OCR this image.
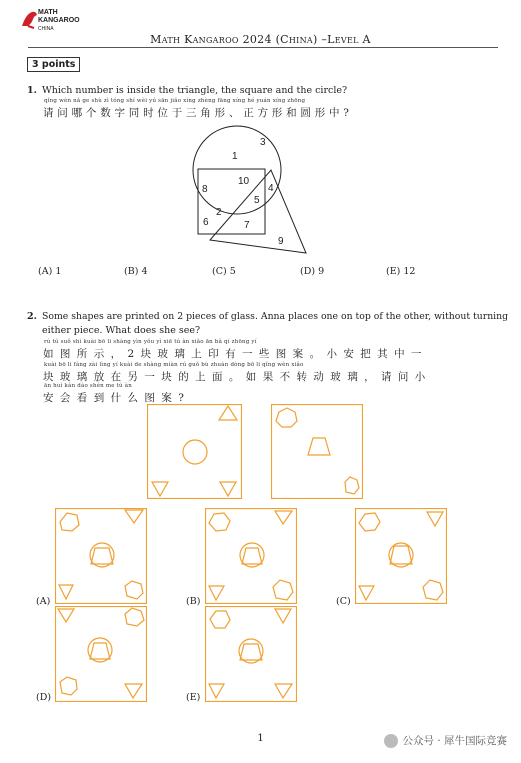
MATH
KANGAROO
CHINA
Math Kangaroo 2024 (China) –Level A
3 points
1. Which number is inside the triangle, the square and the circle?
qǐng wèn nǎ ge shù zì tóng shí wèi yú sān jiǎo xíng zhèng fāng xíng hé yuán xíng zhōng
请问哪个数字同时位于三角形、正方形和圆形中?
1
3
10
4
8
5
2
6	7
9
(A) 1	(B) 4	(C) 5	(D) 9	(E) 12
2. Some shapes are printed on 2 pieces of glass. Anna places one on top of the other, without turning
either piece. What does she see?
rú tú suǒ shì kuài bō li shàng yìn yǒu yì xiē tú àn xiǎo ān bǎ qí zhōng yí
如图所示，2块玻璃上印有一些图案。小安把其中一
kuài bō li fàng zài lìng yí kuài de shàng miàn rú guǒ bù zhuàn dòng bō li qǐng wèn xiǎo
块玻璃放在另一块的上面。如果不转动玻璃，请问小
ān huì kàn dào shén me tú àn
安会看到什么图案?
(A)	(B)	(C)
(D)	(E)
1	公众号 · 犀牛国际竞赛
